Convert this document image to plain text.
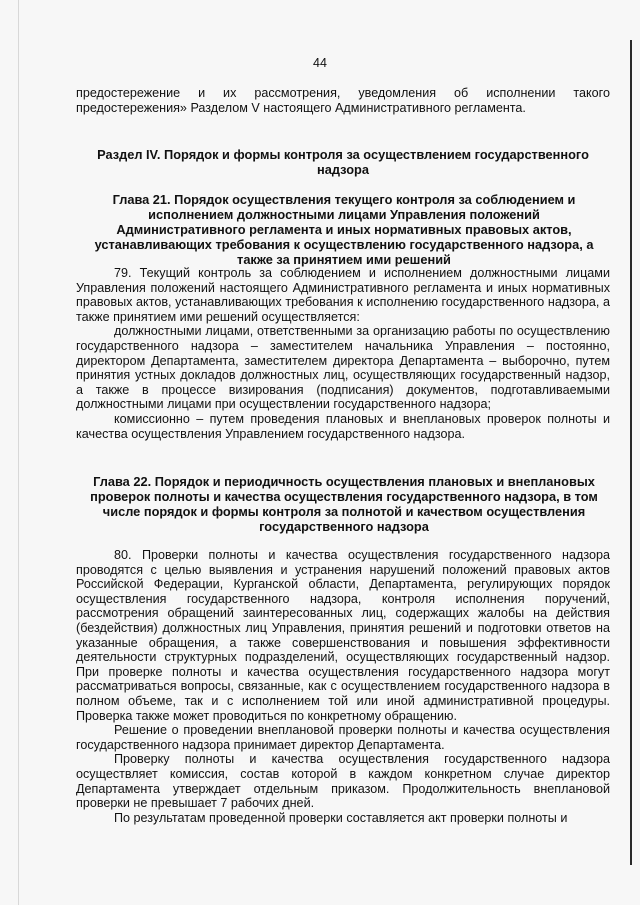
44
предостережение и их рассмотрения, уведомления об исполнении такого предостережения» Разделом V настоящего Административного регламента.
Раздел IV. Порядок и формы контроля за осуществлением государственного надзора
Глава 21. Порядок осуществления текущего контроля за соблюдением и исполнением должностными лицами Управления положений Административного регламента и иных нормативных правовых актов, устанавливающих требования к осуществлению государственного надзора, а также за принятием ими решений

79. Текущий контроль за соблюдением и исполнением должностными лицами Управления положений настоящего Административного регламента и иных нормативных правовых актов, устанавливающих требования к исполнению государственного надзора, а также принятием ими решений осуществляется:

должностными лицами, ответственными за организацию работы по осуществлению государственного надзора – заместителем начальника Управления – постоянно, директором Департамента, заместителем директора Департамента – выборочно, путем принятия устных докладов должностных лиц, осуществляющих государственный надзор, а также в процессе визирования (подписания) документов, подготавливаемыми должностными лицами при осуществлении государственного надзора;

комиссионно – путем проведения плановых и внеплановых проверок полноты и качества осуществления Управлением государственного надзора.

Глава 22. Порядок и периодичность осуществления плановых и внеплановых проверок полноты и качества осуществления государственного надзора, в том числе порядок и формы контроля за полнотой и качеством осуществления государственного надзора

80. Проверки полноты и качества осуществления государственного надзора проводятся с целью выявления и устранения нарушений положений правовых актов Российской Федерации, Курганской области, Департамента, регулирующих порядок осуществления государственного надзора, контроля исполнения поручений, рассмотрения обращений заинтересованных лиц, содержащих жалобы на действия (бездействия) должностных лиц Управления, принятия решений и подготовки ответов на указанные обращения, а также совершенствования и повышения эффективности деятельности структурных подразделений, осуществляющих государственный надзор. При проверке полноты и качества осуществления государственного надзора могут рассматриваться вопросы, связанные, как с осуществлением государственного надзора в полном объеме, так и с исполнением той или иной административной процедуры. Проверка также может проводиться по конкретному обращению.

Решение о проведении внеплановой проверки полноты и качества осуществления государственного надзора принимает директор Департамента.

Проверку полноты и качества осуществления государственного надзора осуществляет комиссия, состав которой в каждом конкретном случае директор Департамента утверждает отдельным приказом. Продолжительность внеплановой проверки не превышает 7 рабочих дней.

По результатам проведенной проверки составляется акт проверки полноты и
